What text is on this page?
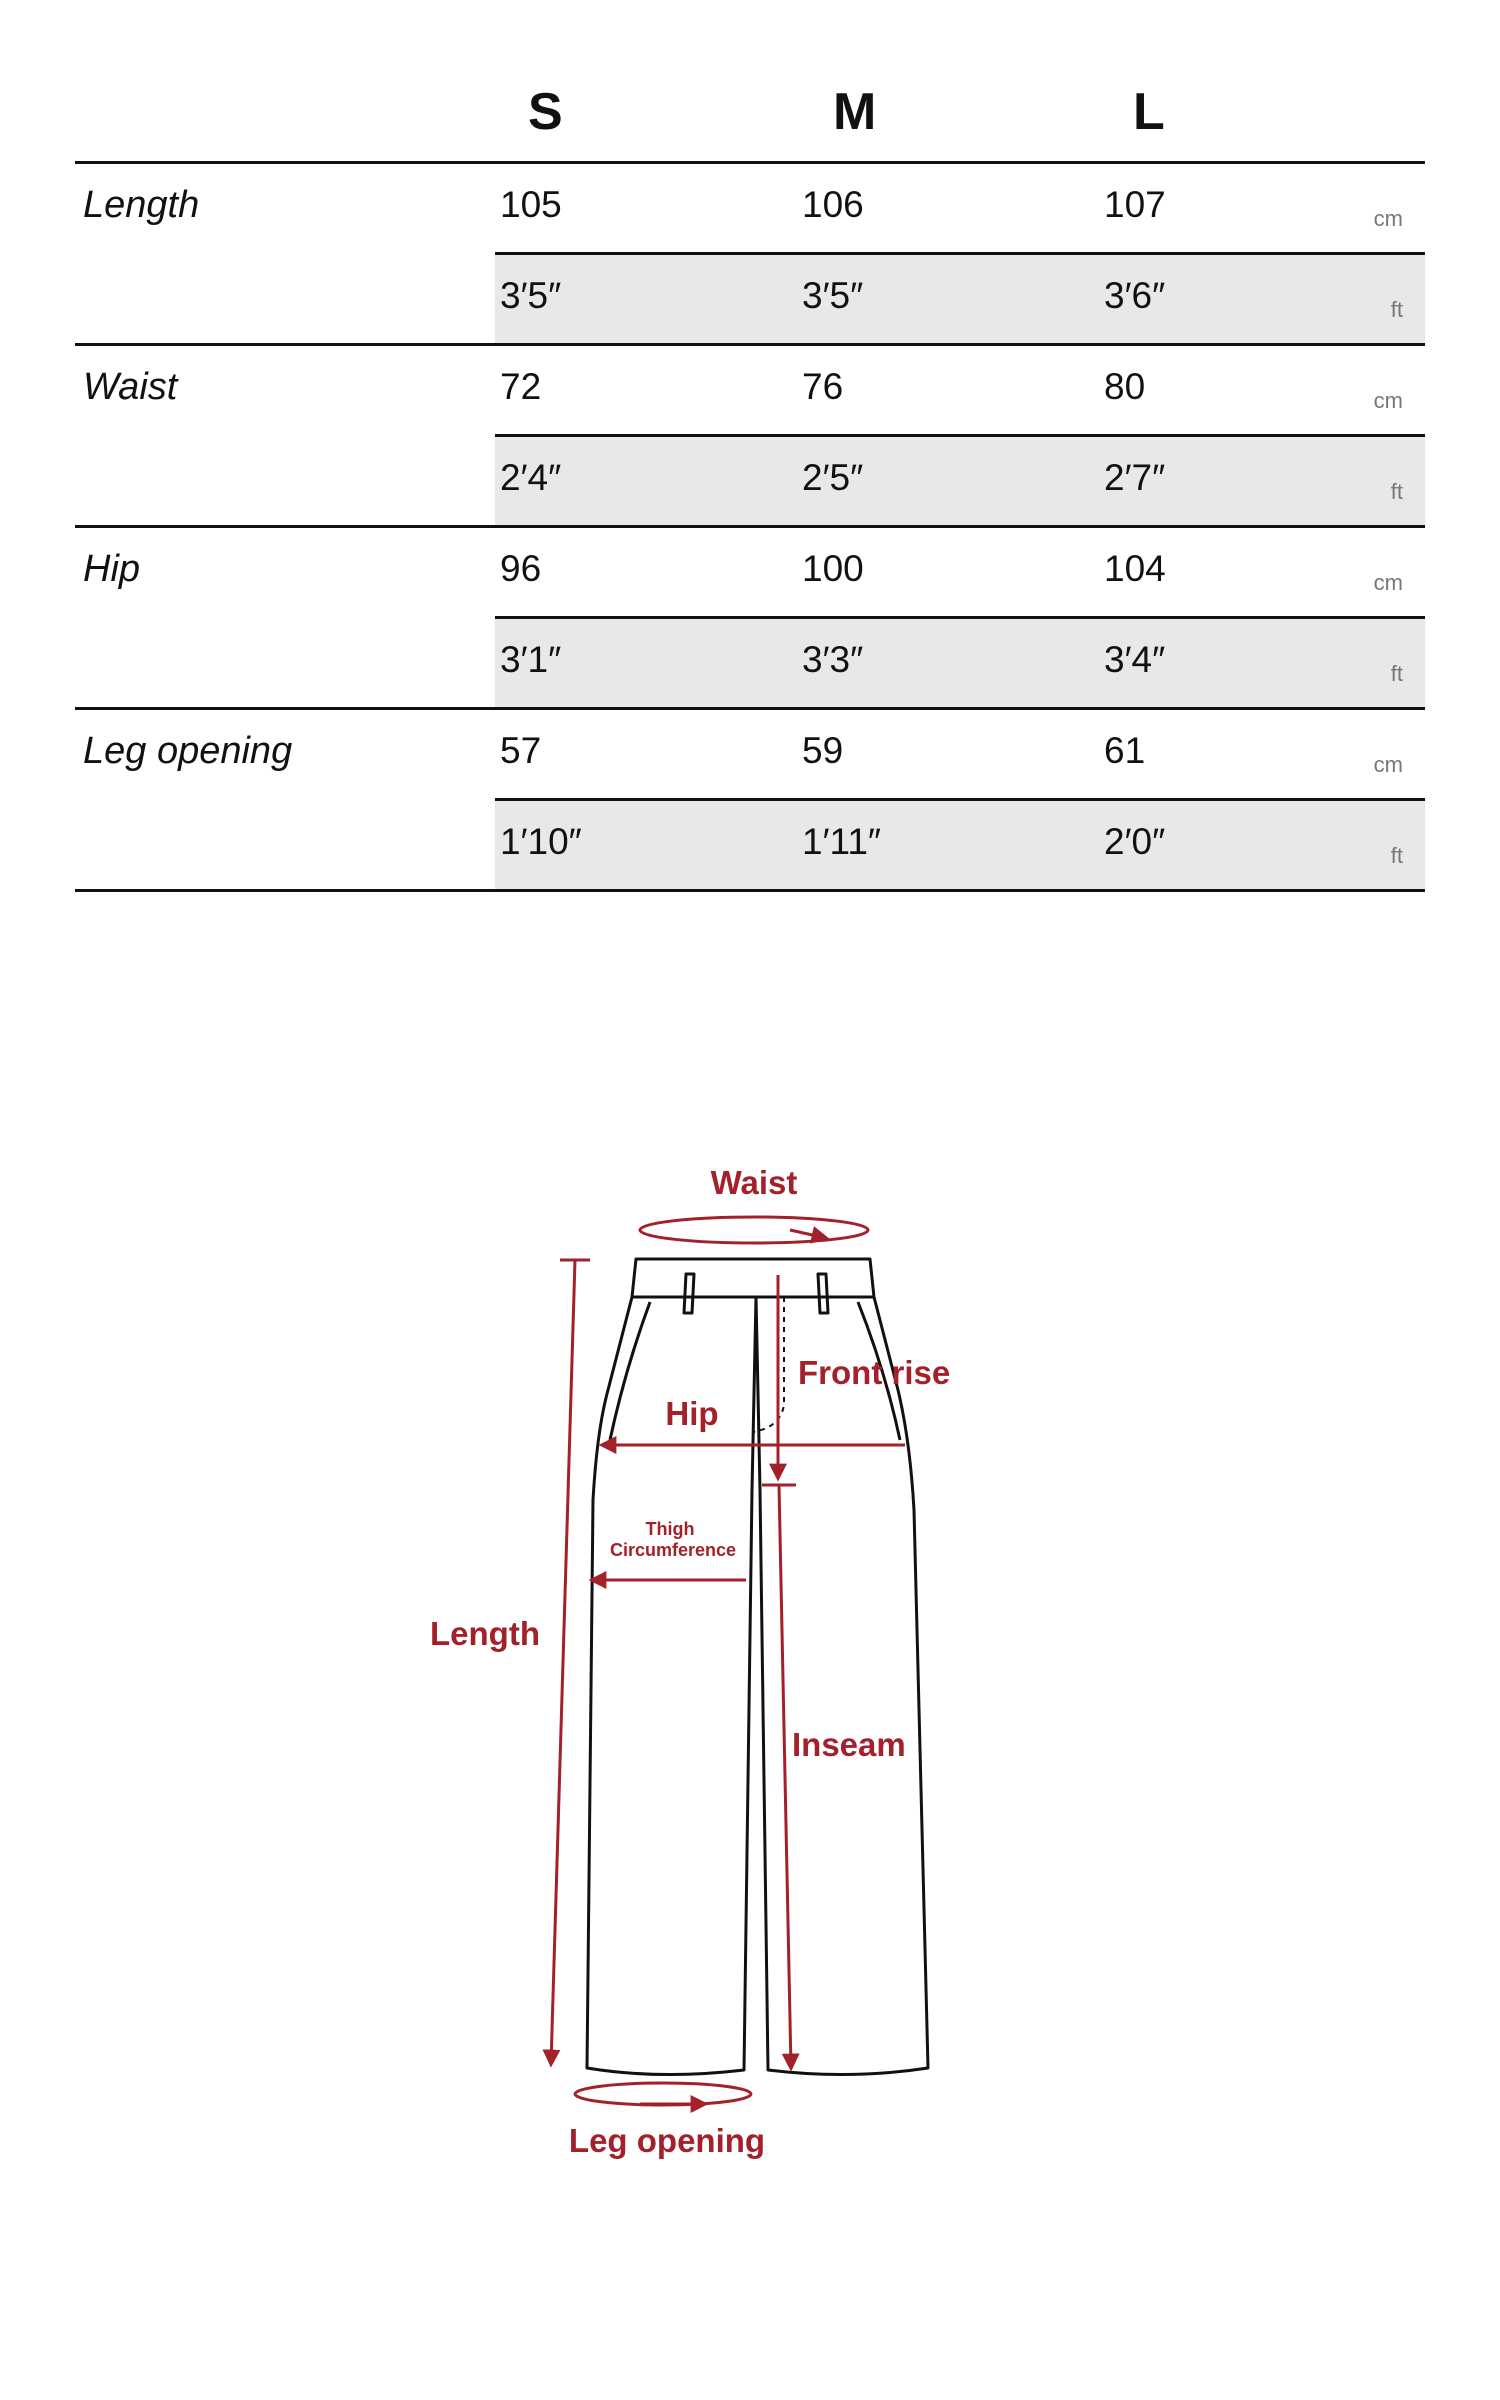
S	M	L
Length	105	106	107	cm
3′5″	3′5″	3′6″	ft
Waist	72	76	80	cm
2′4″	2′5″	2′7″	ft
Hip	96	100	104	cm
3′1″	3′3″	3′4″	ft
Leg opening	57	59	61	cm
1′10″	1′11″	2′0″	ft
Waist
Front rise
Hip
Thigh
Circumference
Length
Inseam
Leg opening
